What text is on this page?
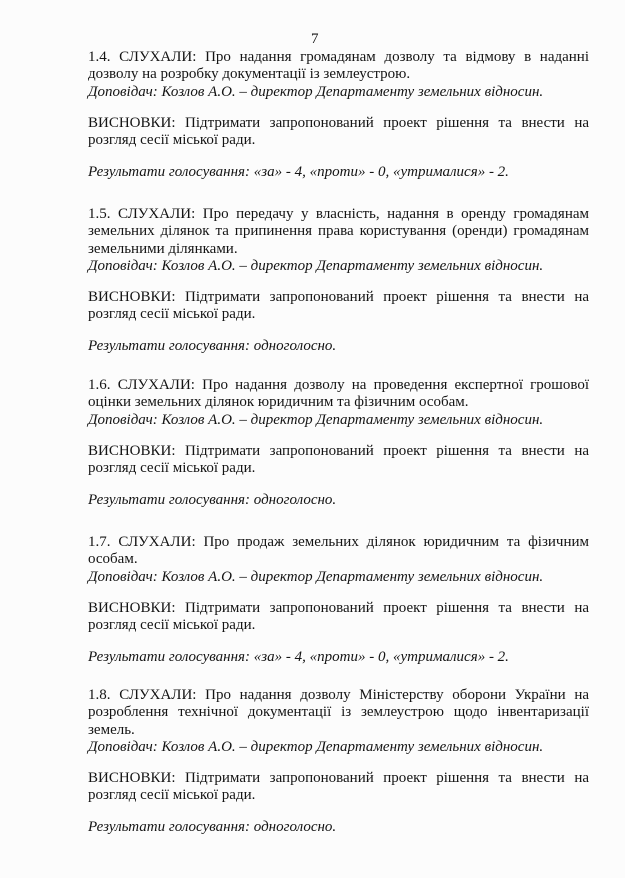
7

1.4. СЛУХАЛИ: Про надання громадянам дозволу та відмову в наданні дозволу на розробку документації із землеустрою.

Доповідач: Козлов А.О. – директор Департаменту земельних відносин.

ВИСНОВКИ: Підтримати запропонований проект рішення та внести на розгляд сесії міської ради.

Результати голосування: «за» - 4, «проти» - 0, «утрималися» - 2.

1.5. СЛУХАЛИ: Про передачу у власність, надання в оренду громадянам земельних ділянок та припинення права користування (оренди) громадянам земельними ділянками.

Доповідач: Козлов А.О. – директор Департаменту земельних відносин.

ВИСНОВКИ: Підтримати запропонований проект рішення та внести на розгляд сесії міської ради.

Результати голосування: одноголосно.

1.6. СЛУХАЛИ: Про надання дозволу на проведення експертної грошової оцінки земельних ділянок юридичним та фізичним особам.

Доповідач: Козлов А.О. – директор Департаменту земельних відносин.

ВИСНОВКИ: Підтримати запропонований проект рішення та внести на розгляд сесії міської ради.

Результати голосування: одноголосно.

1.7. СЛУХАЛИ: Про продаж земельних ділянок юридичним та фізичним особам.

Доповідач: Козлов А.О. – директор Департаменту земельних відносин.

ВИСНОВКИ: Підтримати запропонований проект рішення та внести на розгляд сесії міської ради.

Результати голосування: «за» - 4, «проти» - 0, «утрималися» - 2.

1.8. СЛУХАЛИ: Про надання дозволу Міністерству оборони України на розроблення технічної документації із землеустрою щодо інвентаризації земель.

Доповідач: Козлов А.О. – директор Департаменту земельних відносин.

ВИСНОВКИ: Підтримати запропонований проект рішення та внести на розгляд сесії міської ради.

Результати голосування: одноголосно.
